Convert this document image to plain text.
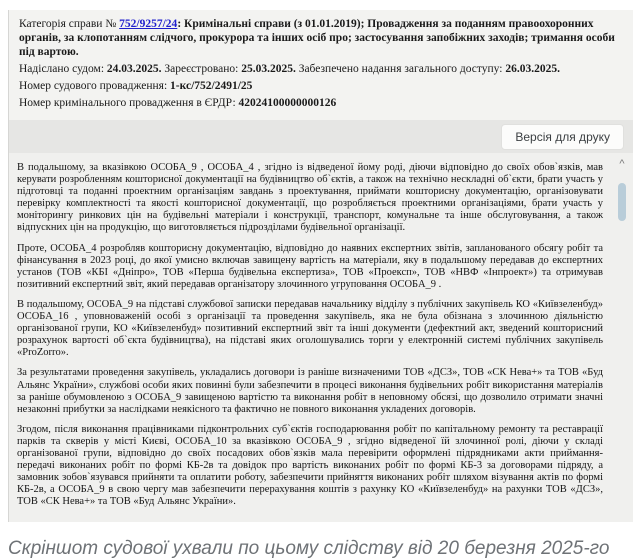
Категорія справи № 752/9257/24: Кримінальні справи (з 01.01.2019); Провадження за поданням правоохоронних органів, за клопотанням слідчого, прокурора та інших осіб про; застосування запобіжних заходів; тримання особи під вартою.

Надіслано судом: 24.03.2025. Зареєстровано: 25.03.2025. Забезпечено надання загального доступу: 26.03.2025.

Номер судового провадження: 1-кс/752/2491/25

Номер кримінального провадження в ЄРДР: 42024100000000126

Версія для друку

В подальшому, за вказівкою ОСОБА_9 , ОСОБА_4 , згідно із відведеної йому роді, діючи відповідно до своїх обов`язків, мав керувати розробленням кошторисної документації на будівництво об`єктів, а також на технічно нескладні об`єкти, брати участь у підготовці та поданні проектним організаціям завдань з проектування, приймати кошторисну документацію, організовувати перевірку комплектності та якості кошторисної документації, що розробляється проектними організаціями, брати участь у моніторингу ринкових цін на будівельні матеріали і конструкції, транспорт, комунальне та інше обслуговування, а також відпускних цін на продукцію, що виготовляється підрозділами будівельної організації.

Проте, ОСОБА_4 розробляв кошторисну документацію, відповідно до наявних експертних звітів, запланованого обсягу робіт та фінансування в 2023 році, до якої умисно включав завищену вартість на матеріали, яку в подальшому передавав до експертних установ (ТОВ «КБІ «Дніпро», ТОВ «Перша будівельна експертиза», ТОВ «Проексп», ТОВ «НВФ «Інпроект») та отримував позитивний експертний звіт, який передавав організатору злочинного угруповання ОСОБА_9 .

В подальшому, ОСОБА_9 на підставі службової записки передавав начальнику відділу з публічних закупівель КО «Київзеленбуд» ОСОБА_16 , уповноваженій особі з організації та проведення закупівель, яка не була обізнана з злочинною діяльністю організованої групи, КО «Київзеленбуд» позитивний експертний звіт та інші документи (дефектний акт, зведений кошторисний розрахунок вартості об`єкта будівництва), на підставі яких оголошувались торги у електронній системі публічних закупівель «ProZorro».

За результатами проведення закупівель, укладались договори із раніше визначеними ТОВ «ДСЗ», ТОВ «СК Нева+» та ТОВ «Буд Альянс України», службові особи яких повинні були забезпечити в процесі виконання будівельних робіт використання матеріалів за раніше обумовленою з ОСОБА_9 завищеною вартістю та виконання робіт в неповному обсязі, що дозволило отримати значні незаконні прибутки за наслідками неякісного та фактично не повного виконання укладених договорів.

Згодом, після виконання працівниками підконтрольних суб`єктів господарювання робіт по капітальному ремонту та реставрації парків та скверів у місті Києві, ОСОБА_10 за вказівкою ОСОБА_9 , згідно відведеної їй злочинної ролі, діючи у складі організованої групи, відповідно до своїх посадових обов`язків мала перевірити оформлені підрядниками акти приймання-передачі виконаних робіт по формі КБ-2в та довідок про вартість виконаних робіт по формі КБ-3 за договорами підряду, а замовник зобов`язувався прийняти та оплатити роботу, забезпечити прийняття виконаних робіт шляхом візування актів по формі КБ-2в, а ОСОБА_9 в свою чергу мав забезпечити перерахування коштів з рахунку КО «Київзеленбуд» на рахунки ТОВ «ДСЗ», ТОВ «СК Нева+» та ТОВ «Буд Альянс України».

^

Скріншот судової ухвали по цьому слідству від 20 березня 2025-го
